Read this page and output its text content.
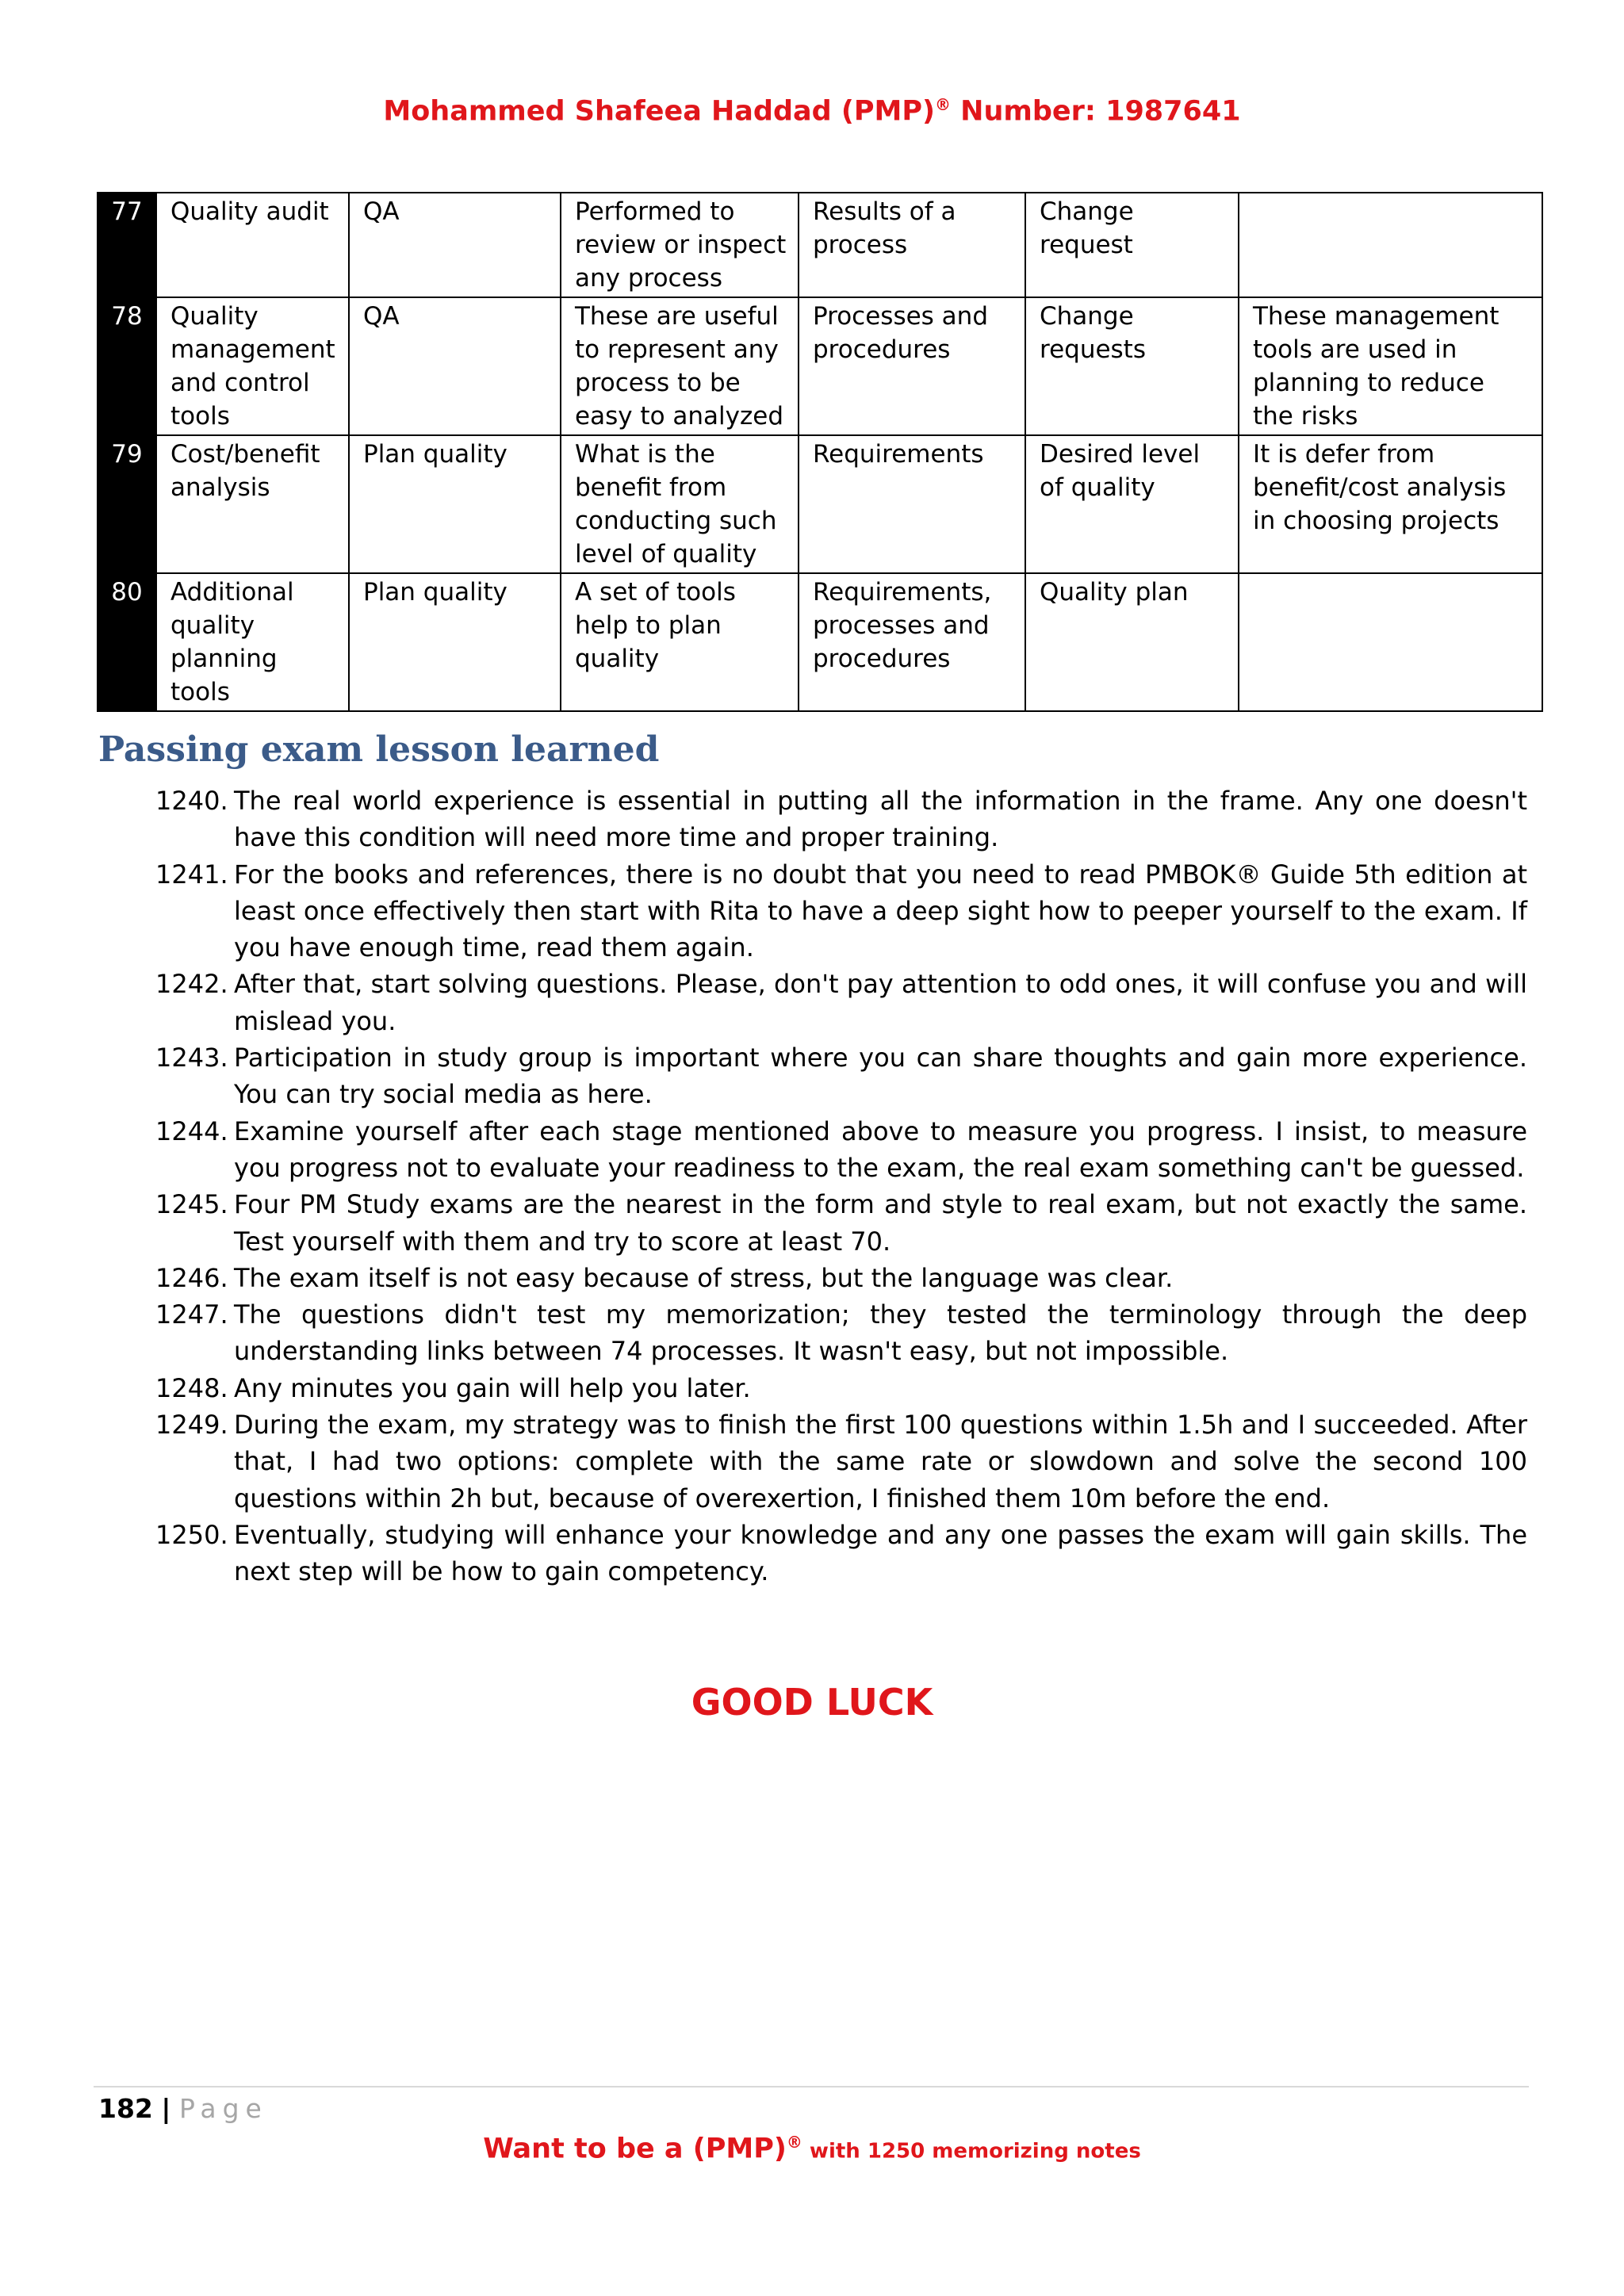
Mohammed Shafeea Haddad (PMP)® Number: 1987641
77	Quality audit	QA	Performed to review or inspect any process	Results of a process	Change request	
78	Quality management and control tools	QA	These are useful to represent any process to be easy to analyzed	Processes and procedures	Change requests	These management tools are used in planning to reduce the risks
79	Cost/benefit analysis	Plan quality	What is the benefit from conducting such level of quality	Requirements	Desired level of quality	It is defer from benefit/cost analysis in choosing projects
80	Additional quality planning tools	Plan quality	A set of tools help to plan quality	Requirements, processes and procedures	Quality plan	
Passing exam lesson learned
1240. The real world experience is essential in putting all the information in the frame. Any one doesn't have this condition will need more time and proper training.
1241. For the books and references, there is no doubt that you need to read PMBOK® Guide 5th edition at least once effectively then start with Rita to have a deep sight how to peeper yourself to the exam. If you have enough time, read them again.
1242. After that, start solving questions. Please, don't pay attention to odd ones, it will confuse you and will mislead you.
1243. Participation in study group is important where you can share thoughts and gain more experience. You can try social media as here.
1244. Examine yourself after each stage mentioned above to measure you progress. I insist, to measure you progress not to evaluate your readiness to the exam, the real exam something can't be guessed.
1245. Four PM Study exams are the nearest in the form and style to real exam, but not exactly the same. Test yourself with them and try to score at least 70.
1246. The exam itself is not easy because of stress, but the language was clear.
1247. The questions didn't test my memorization; they tested the terminology through the deep understanding links between 74 processes. It wasn't easy, but not impossible.
1248. Any minutes you gain will help you later.
1249. During the exam, my strategy was to finish the first 100 questions within 1.5h and I succeeded. After that, I had two options: complete with the same rate or slowdown and solve the second 100 questions within 2h but, because of overexertion, I finished them 10m before the end.
1250. Eventually, studying will enhance your knowledge and any one passes the exam will gain skills. The next step will be how to gain competency.
GOOD LUCK
182 | Page
Want to be a (PMP)® with 1250 memorizing notes
